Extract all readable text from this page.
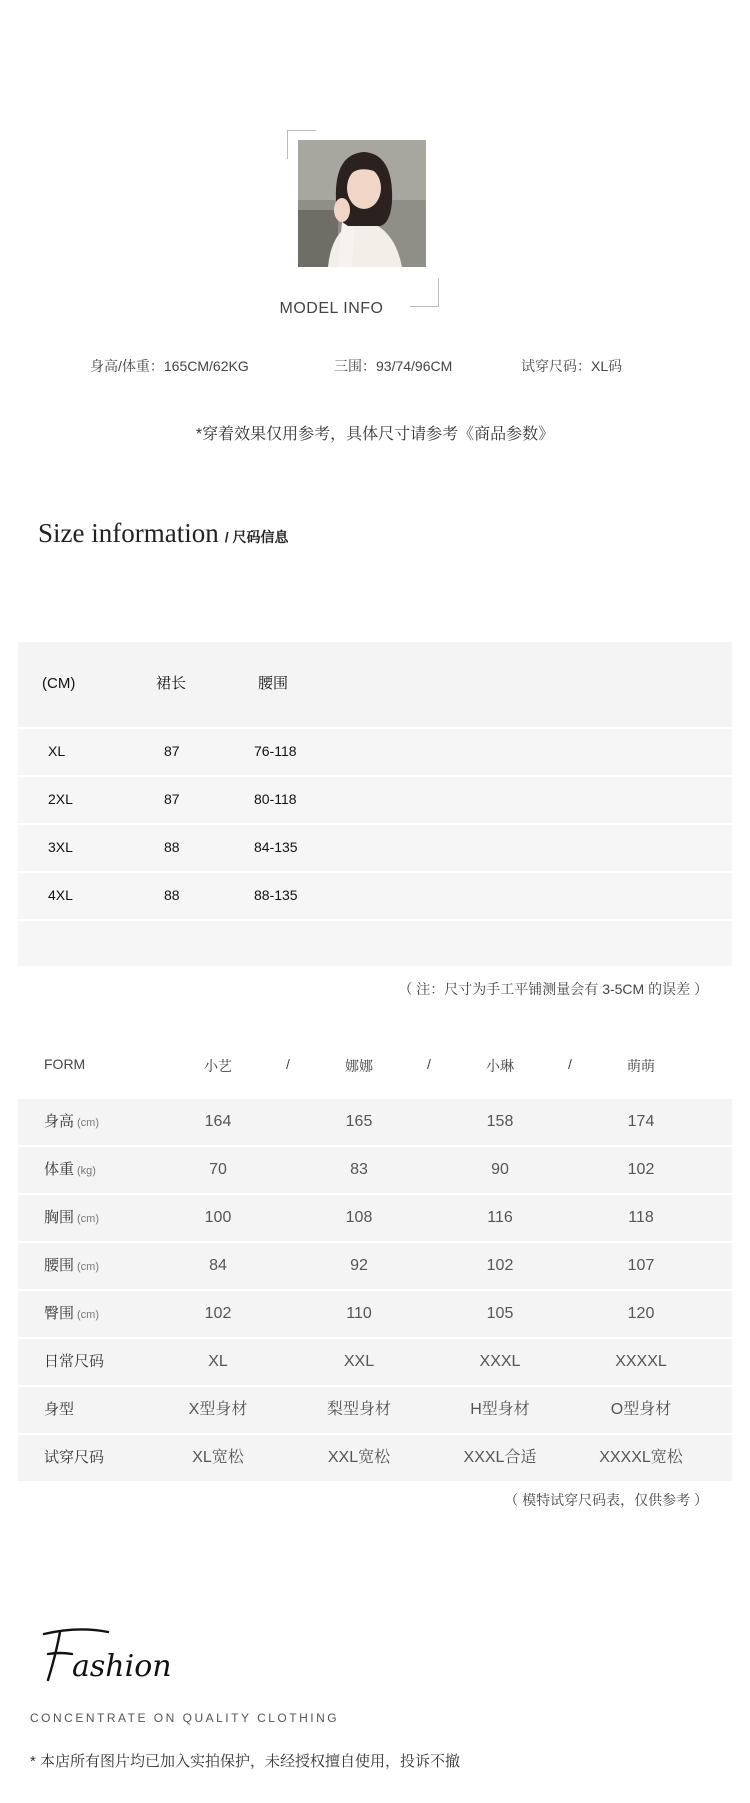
MODEL INFO
身高/体重：165CM/62KG	三围：93/74/96CM	试穿尺码：XL码
*穿着效果仅用参考，具体尺寸请参考《商品参数》
Size information / 尺码信息
(CM)	裙长	腰围
XL	87	76-118
2XL	87	80-118
3XL	88	84-135
4XL	88	88-135
（ 注：尺寸为手工平铺测量会有 3-5CM 的误差 ）
FORM	小艺	/	娜娜	/	小琳	/	萌萌
身高 (cm)	164	165	158	174
体重 (kg)	70	83	90	102
胸围 (cm)	100	108	116	118
腰围 (cm)	84	92	102	107
臀围 (cm)	102	110	105	120
日常尺码	XL	XXL	XXXL	XXXXL
身型	X型身材	梨型身材	H型身材	O型身材
试穿尺码	XL宽松	XXL宽松	XXXL合适	XXXXL宽松
（ 模特试穿尺码表，仅供参考 ）
ashion
CONCENTRATE ON QUALITY CLOTHING
* 本店所有图片均已加入实拍保护，未经授权擅自使用，投诉不撤
